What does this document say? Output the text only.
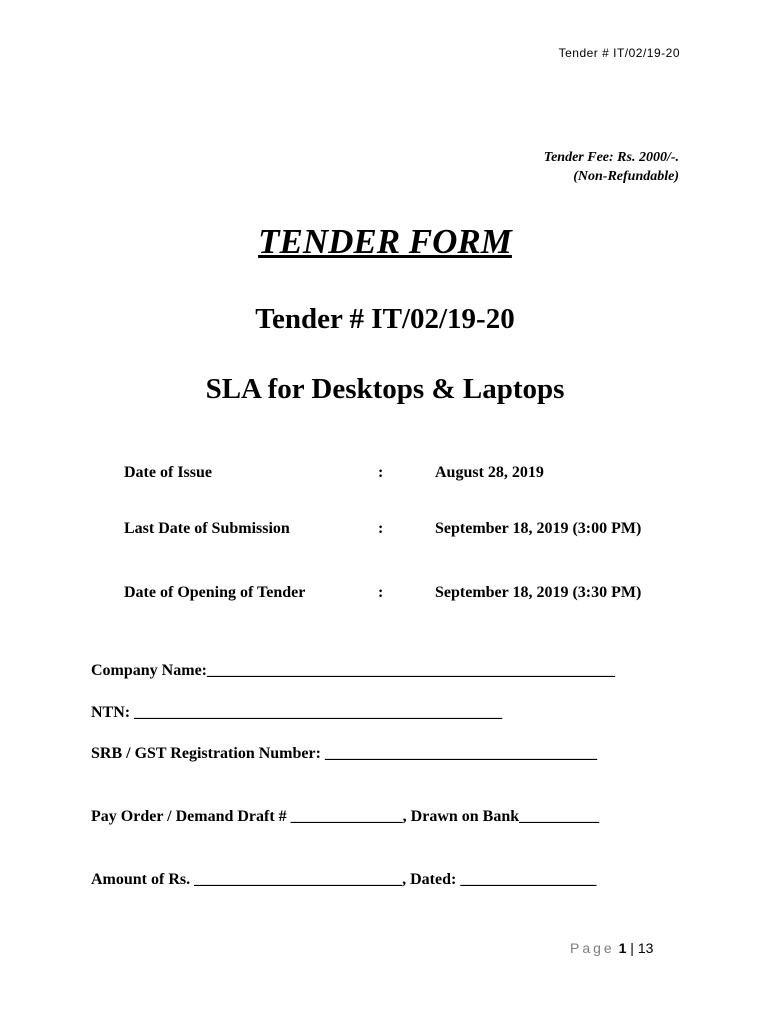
Tender # IT/02/19-20
Tender Fee: Rs. 2000/-.
(Non-Refundable)
TENDER FORM
Tender # IT/02/19-20
SLA for Desktops & Laptops
Date of Issue	:	August 28, 2019
Last Date of Submission	:	September 18, 2019 (3:00 PM)
Date of Opening of Tender	:	September 18, 2019 (3:30 PM)
Company Name:___________________________________________________
NTN: ______________________________________________
SRB / GST Registration Number: __________________________________
Pay Order / Demand Draft # ______________, Drawn on Bank__________
Amount of Rs. __________________________, Dated: _________________
Page 1 | 13
